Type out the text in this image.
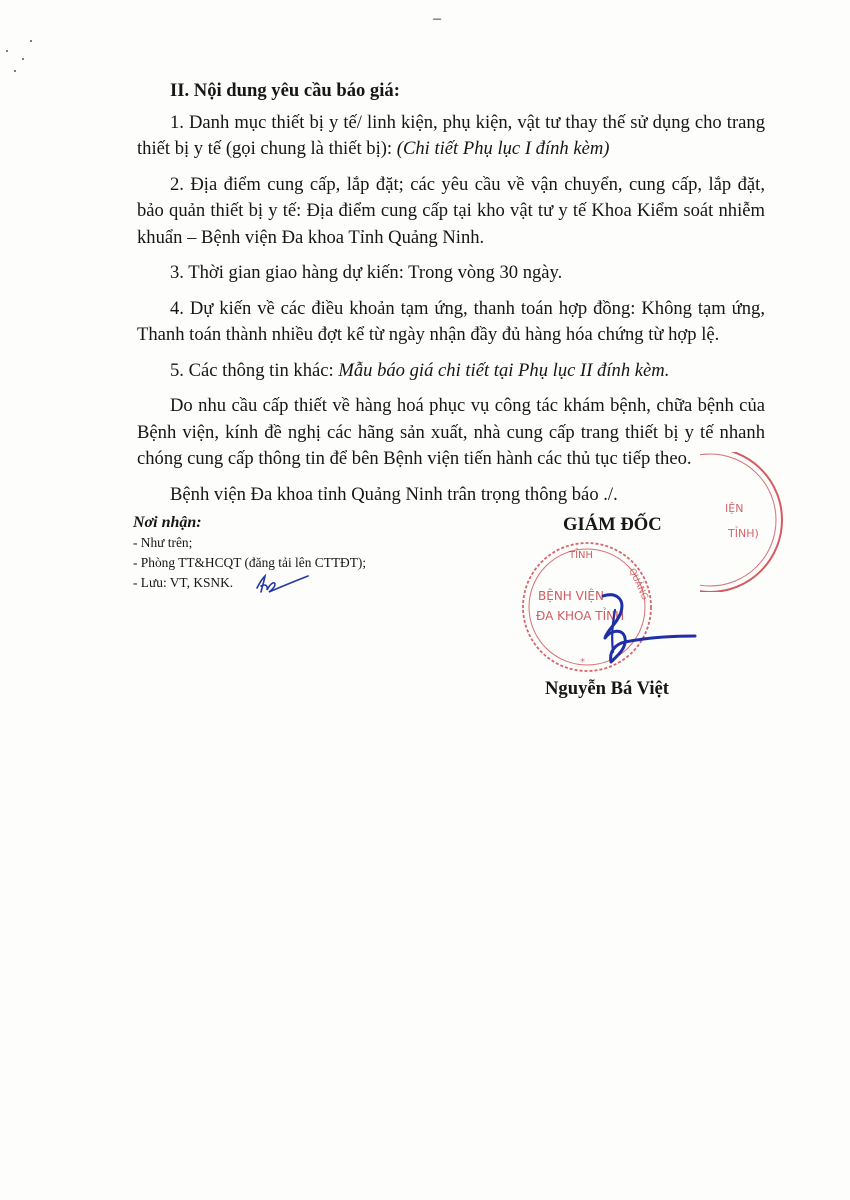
–
II. Nội dung yêu cầu báo giá:

1. Danh mục thiết bị y tế/ linh kiện, phụ kiện, vật tư thay thế sử dụng cho trang thiết bị y tế (gọi chung là thiết bị): (Chi tiết Phụ lục I đính kèm)

2. Địa điểm cung cấp, lắp đặt; các yêu cầu về vận chuyển, cung cấp, lắp đặt, bảo quản thiết bị y tế: Địa điểm cung cấp tại kho vật tư y tế Khoa Kiểm soát nhiễm khuẩn – Bệnh viện Đa khoa Tỉnh Quảng Ninh.

3. Thời gian giao hàng dự kiến: Trong vòng 30 ngày.

4. Dự kiến về các điều khoản tạm ứng, thanh toán hợp đồng: Không tạm ứng, Thanh toán thành nhiều đợt kể từ ngày nhận đầy đủ hàng hóa chứng từ hợp lệ.

5. Các thông tin khác: Mẫu báo giá chi tiết tại Phụ lục II đính kèm.

Do nhu cầu cấp thiết về hàng hoá phục vụ công tác khám bệnh, chữa bệnh của Bệnh viện, kính đề nghị các hãng sản xuất, nhà cung cấp trang thiết bị y tế nhanh chóng cung cấp thông tin để bên Bệnh viện tiến hành các thủ tục tiếp theo.

Bệnh viện Đa khoa tỉnh Quảng Ninh trân trọng thông báo ./.

Nơi nhận:
- Như trên;
- Phòng TT&HCQT (đăng tải lên CTTĐT);
- Lưu: VT, KSNK.
GIÁM ĐỐC
IỆN
TỈNH)
TỈNH
QUẢNG
BỆNH VIỆN
ĐA KHOA TỈNH
*
Nguyễn Bá Việt
